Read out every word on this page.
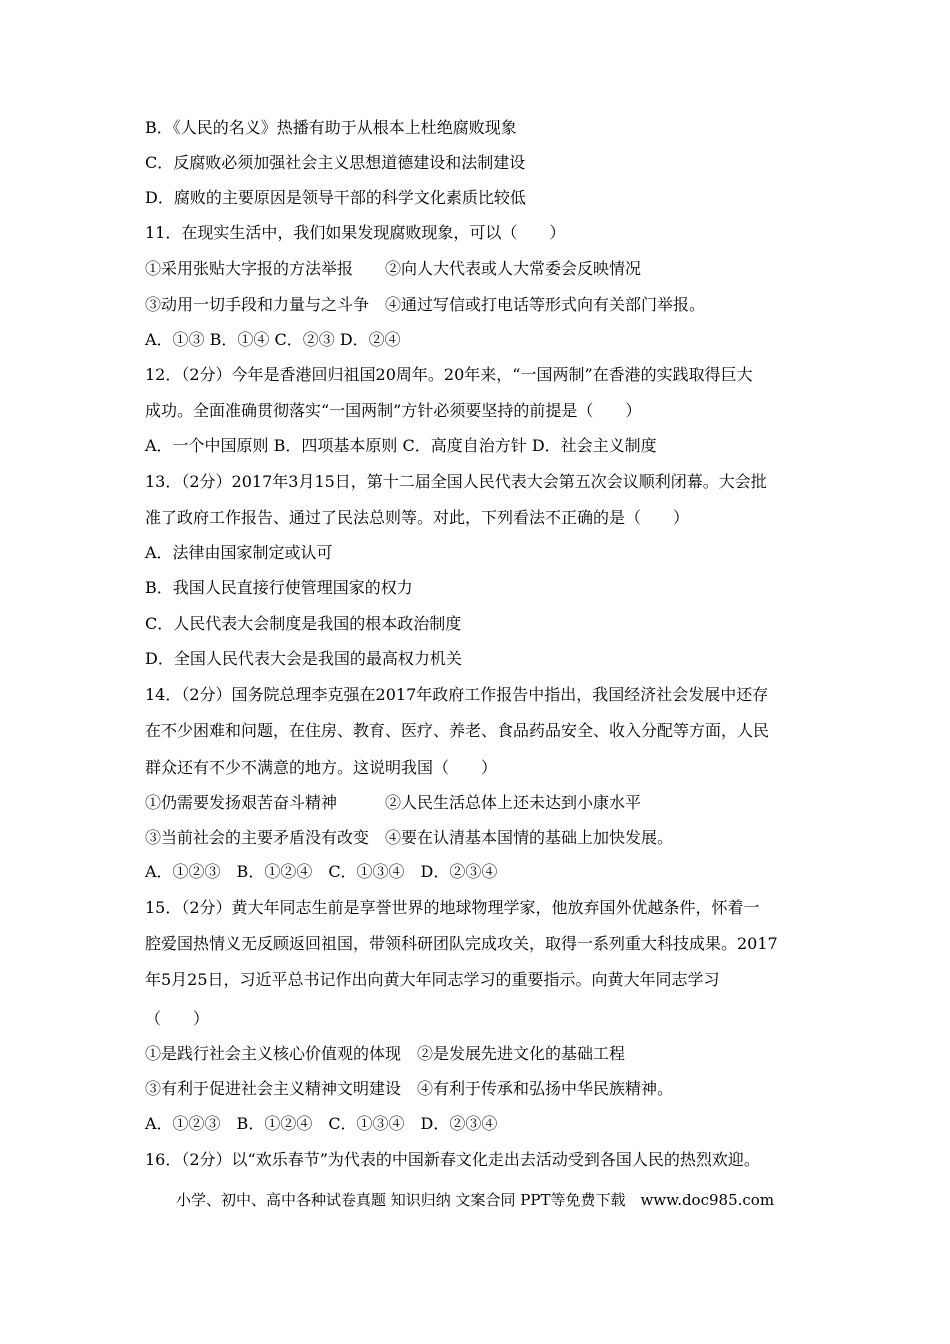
B．《人民的名义》热播有助于从根本上杜绝腐败现象
C．反腐败必须加强社会主义思想道德建设和法制建设
D．腐败的主要原因是领导干部的科学文化素质比较低
11．在现实生活中，我们如果发现腐败现象，可以（　　）
①采用张贴大字报的方法举报　　②向人大代表或人大常委会反映情况
③动用一切手段和力量与之斗争　④通过写信或打电话等形式向有关部门举报。
A．①③ B．①④ C．②③ D．②④
12．（2分）今年是香港回归祖国20周年。20年来，“一国两制”在香港的实践取得巨大
成功。全面准确贯彻落实“一国两制”方针必须要坚持的前提是（　　）
A．一个中国原则 B．四项基本原则 C．高度自治方针 D．社会主义制度
13．（2分）2017年3月15日，第十二届全国人民代表大会第五次会议顺利闭幕。大会批
准了政府工作报告、通过了民法总则等。对此，下列看法不正确的是（　　）
A．法律由国家制定或认可
B．我国人民直接行使管理国家的权力
C．人民代表大会制度是我国的根本政治制度
D．全国人民代表大会是我国的最高权力机关
14．（2分）国务院总理李克强在2017年政府工作报告中指出，我国经济社会发展中还存
在不少困难和问题，在住房、教育、医疗、养老、食品药品安全、收入分配等方面，人民
群众还有不少不满意的地方。这说明我国（　　）
①仍需要发扬艰苦奋斗精神　　　②人民生活总体上还未达到小康水平
③当前社会的主要矛盾没有改变　④要在认清基本国情的基础上加快发展。
A．①②③　B．①②④　C．①③④　D．②③④
15．（2分）黄大年同志生前是享誉世界的地球物理学家，他放弃国外优越条件，怀着一
腔爱国热情义无反顾返回祖国，带领科研团队完成攻关，取得一系列重大科技成果。2017
年5月25日，习近平总书记作出向黄大年同志学习的重要指示。向黄大年同志学习
（　　）
①是践行社会主义核心价值观的体现　②是发展先进文化的基础工程
③有利于促进社会主义精神文明建设　④有利于传承和弘扬中华民族精神。
A．①②③　B．①②④　C．①③④　D．②③④
16．（2分）以“欢乐春节”为代表的中国新春文化走出去活动受到各国人民的热烈欢迎。
小学、初中、高中各种试卷真题 知识归纳 文案合同 PPT等免费下载　www.doc985.com
